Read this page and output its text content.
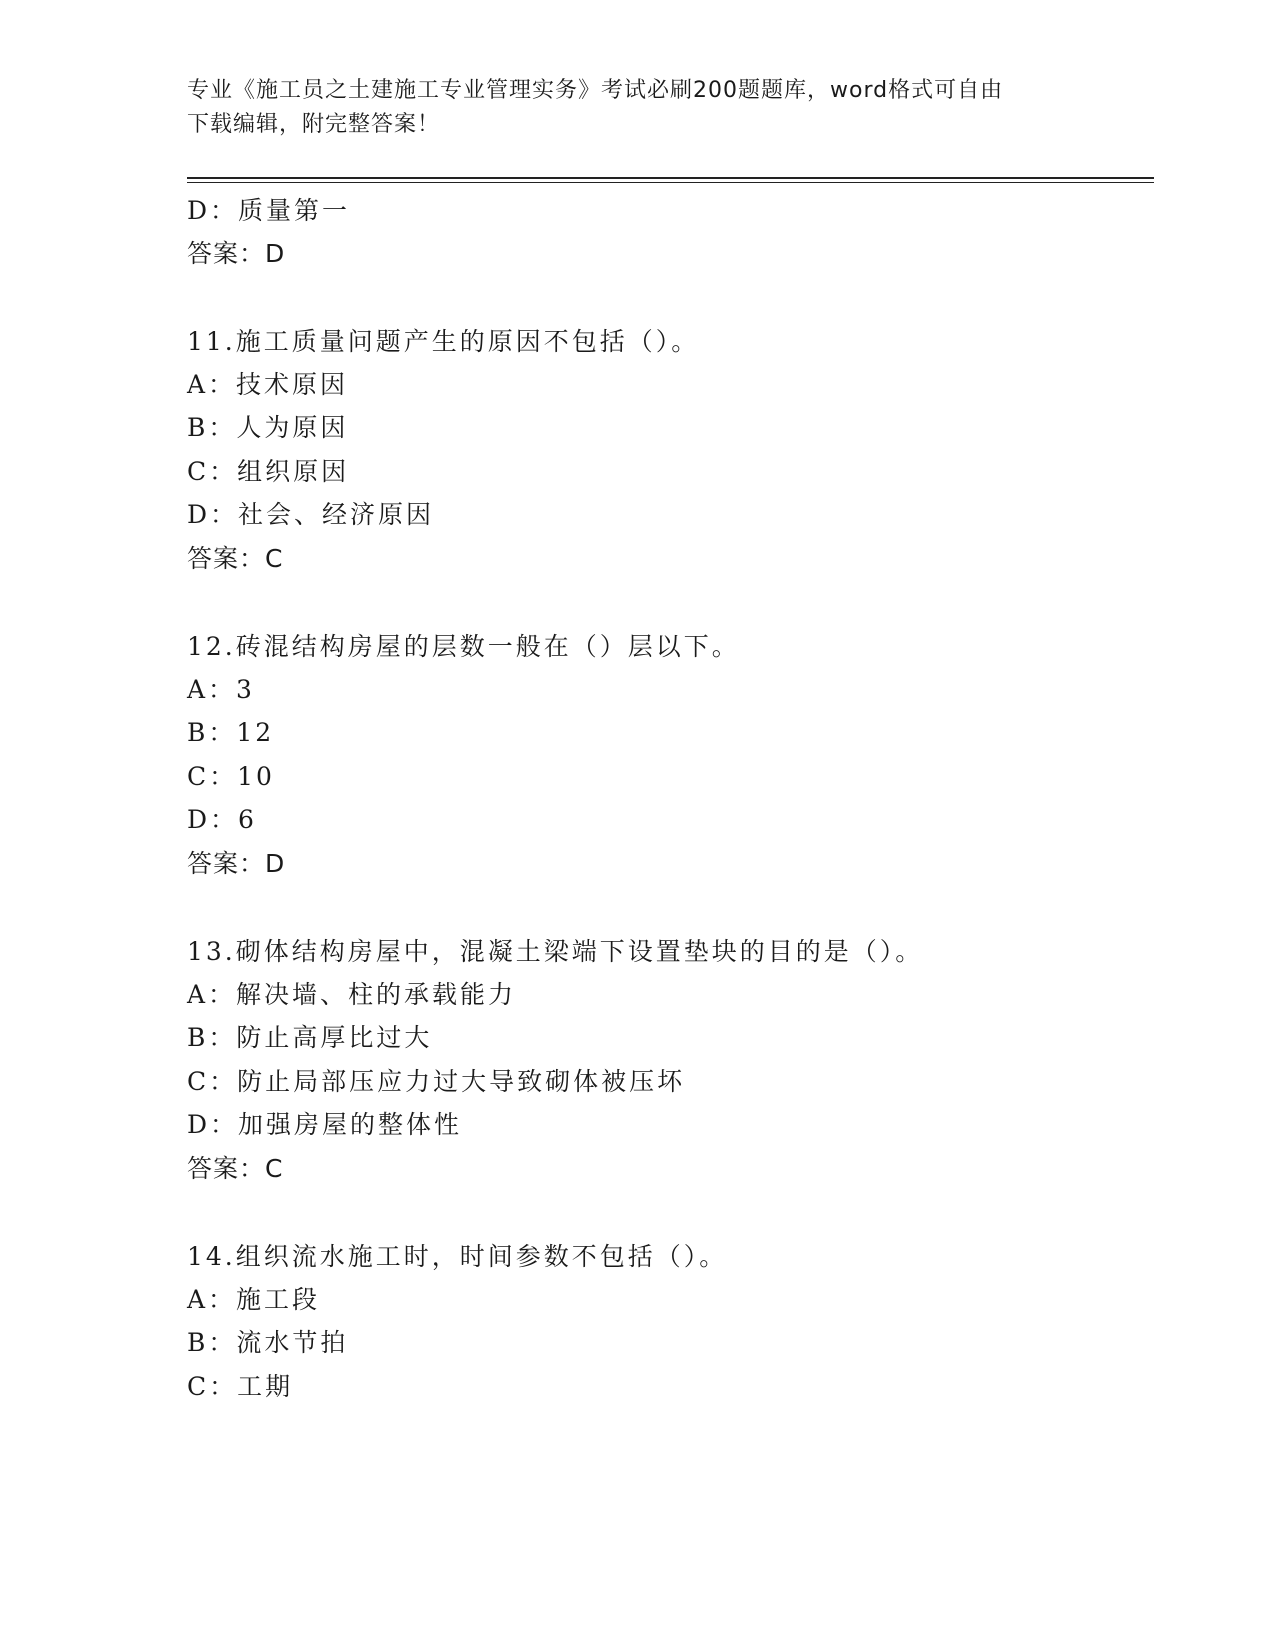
专业《施工员之土建施工专业管理实务》考试必刷200题题库，word格式可自由
下载编辑，附完整答案！
D：质量第一
答案：D
11.施工质量问题产生的原因不包括（）。
A：技术原因
B：人为原因
C：组织原因
D：社会、经济原因
答案：C
12.砖混结构房屋的层数一般在（）层以下。
A：3
B：12
C：10
D：6
答案：D
13.砌体结构房屋中，混凝土梁端下设置垫块的目的是（）。
A：解决墙、柱的承载能力
B：防止高厚比过大
C：防止局部压应力过大导致砌体被压坏
D：加强房屋的整体性
答案：C
14.组织流水施工时，时间参数不包括（）。
A：施工段
B：流水节拍
C：工期
